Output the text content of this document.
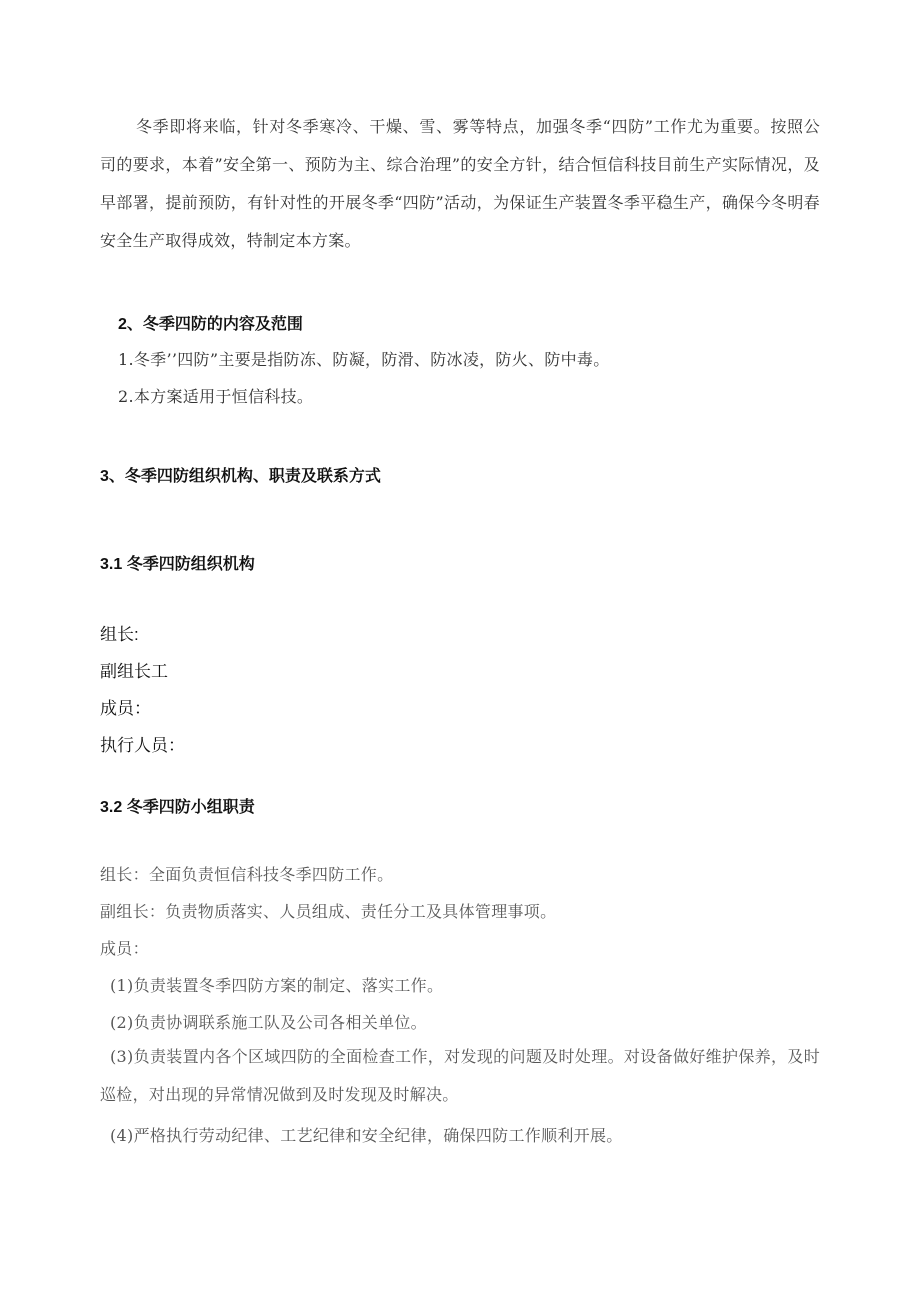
冬季即将来临，针对冬季寒冷、干燥、雪、雾等特点，加强冬季“四防”工作尤为重要。按照公司的要求，本着”安全第一、预防为主、综合治理”的安全方针，结合恒信科技目前生产实际情况，及早部署，提前预防，有针对性的开展冬季“四防”活动，为保证生产装置冬季平稳生产，确保今冬明春安全生产取得成效，特制定本方案。

2、冬季四防的内容及范围

1.冬季’’四防”主要是指防冻、防凝，防滑、防冰凌，防火、防中毒。

2.本方案适用于恒信科技。

3、冬季四防组织机构、职责及联系方式

3.1 冬季四防组织机构

组长:

副组长工

成员：

执行人员：

3.2 冬季四防小组职责

组长：全面负责恒信科技冬季四防工作。

副组长：负责物质落实、人员组成、责任分工及具体管理事项。

成员：

(1)负责装置冬季四防方案的制定、落实工作。

(2)负责协调联系施工队及公司各相关单位。

(3)负责装置内各个区域四防的全面检查工作，对发现的问题及时处理。对设备做好维护保养，及时巡检，对出现的异常情况做到及时发现及时解决。

(4)严格执行劳动纪律、工艺纪律和安全纪律，确保四防工作顺利开展。
